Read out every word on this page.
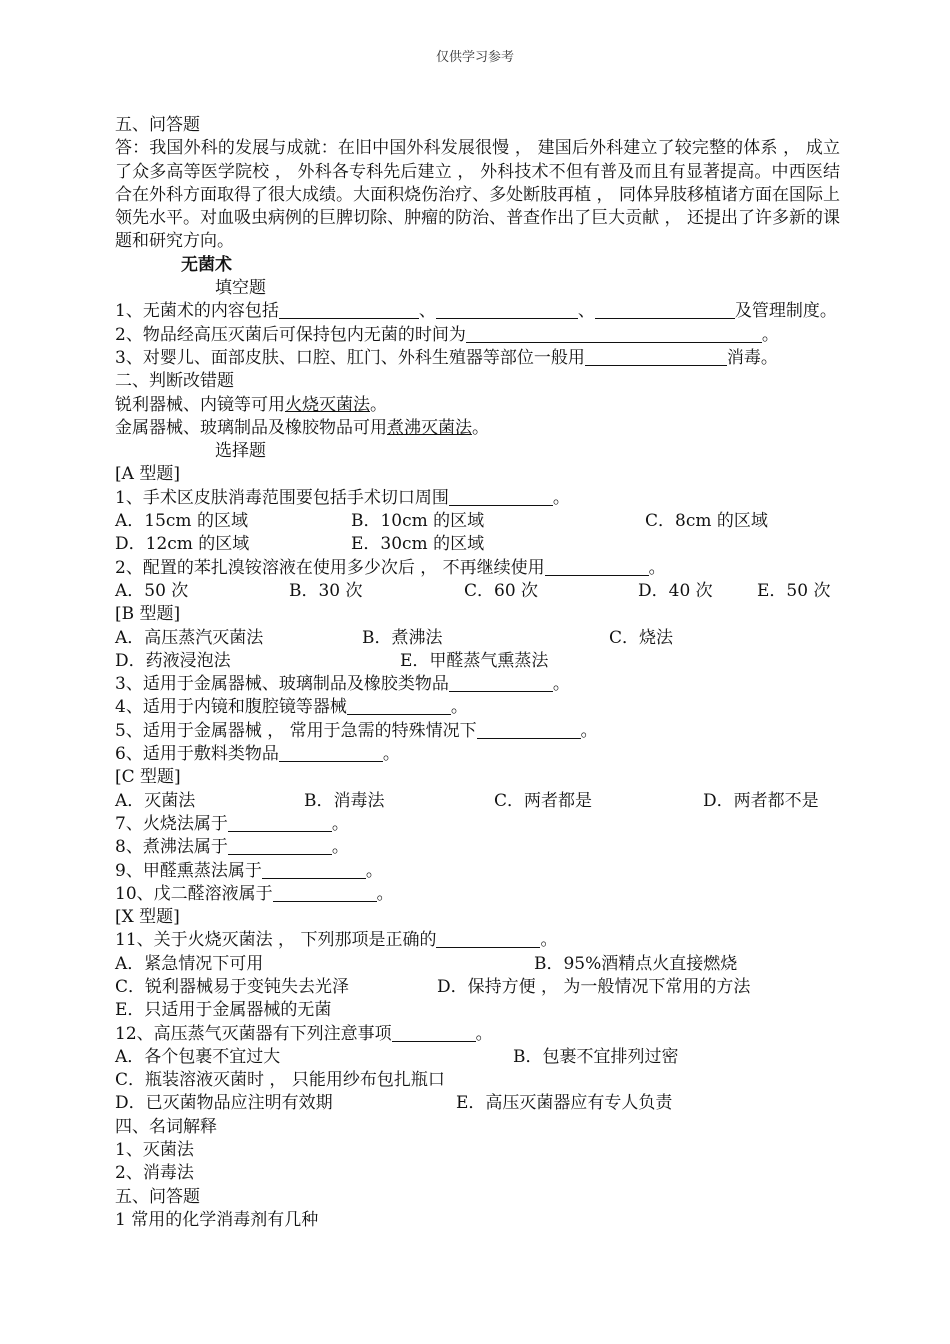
仅供学习参考
五、问答题
答：我国外科的发展与成就：在旧中国外科发展很慢 ， 建国后外科建立了较完整的体系 ， 成立了众多高等医学院校 ， 外科各专科先后建立 ， 外科技术不但有普及而且有显著提高。中西医结合在外科方面取得了很大成绩。大面积烧伤治疗、多处断肢再植 ， 同体异肢移植诸方面在国际上领先水平。对血吸虫病例的巨脾切除、肿瘤的防治、普查作出了巨大贡献 ， 还提出了许多新的课题和研究方向。
无菌术
填空题
1、无菌术的内容包括	、	、	及管理制度。
2、物品经高压灭菌后可保持包内无菌的时间为	。
3、对婴儿、面部皮肤、口腔、肛门、外科生殖器等部位一般用	消毒。
二、判断改错题
锐利器械、内镜等可用火烧灭菌法。
金属器械、玻璃制品及橡胶物品可用煮沸灭菌法。
选择题
[A 型题]
1、手术区皮肤消毒范围要包括手术切口周围	。
A．15cm 的区域	B．10cm 的区域	C．8cm 的区域
D．12cm 的区域	E．30cm 的区域
2、配置的苯扎溴铵溶液在使用多少次后 ， 不再继续使用	。
A．50 次	B．30 次	C．60 次	D．40 次	E．50 次
[B 型题]
A．高压蒸汽灭菌法	B．煮沸法	C．烧法
D．药液浸泡法	E．甲醛蒸气熏蒸法
3、适用于金属器械、玻璃制品及橡胶类物品	。
4、适用于内镜和腹腔镜等器械	。
5、适用于金属器械 ， 常用于急需的特殊情况下	。
6、适用于敷料类物品	。
[C 型题]
A．灭菌法	B．消毒法	C．两者都是	D．两者都不是
7、火烧法属于	。
8、煮沸法属于	。
9、甲醛熏蒸法属于	。
10、戊二醛溶液属于	。
[X 型题]
11、关于火烧灭菌法 ， 下列那项是正确的	。
A．紧急情况下可用	B．95%酒精点火直接燃烧
C．锐利器械易于变钝失去光泽	D．保持方便 ， 为一般情况下常用的方法
E．只适用于金属器械的无菌
12、高压蒸气灭菌器有下列注意事项	。
A．各个包裹不宜过大	B．包裹不宜排列过密
C．瓶装溶液灭菌时 ， 只能用纱布包扎瓶口
D．已灭菌物品应注明有效期	E．高压灭菌器应有专人负责
四、名词解释
1、灭菌法
2、消毒法
五、问答题
1 常用的化学消毒剂有几种
